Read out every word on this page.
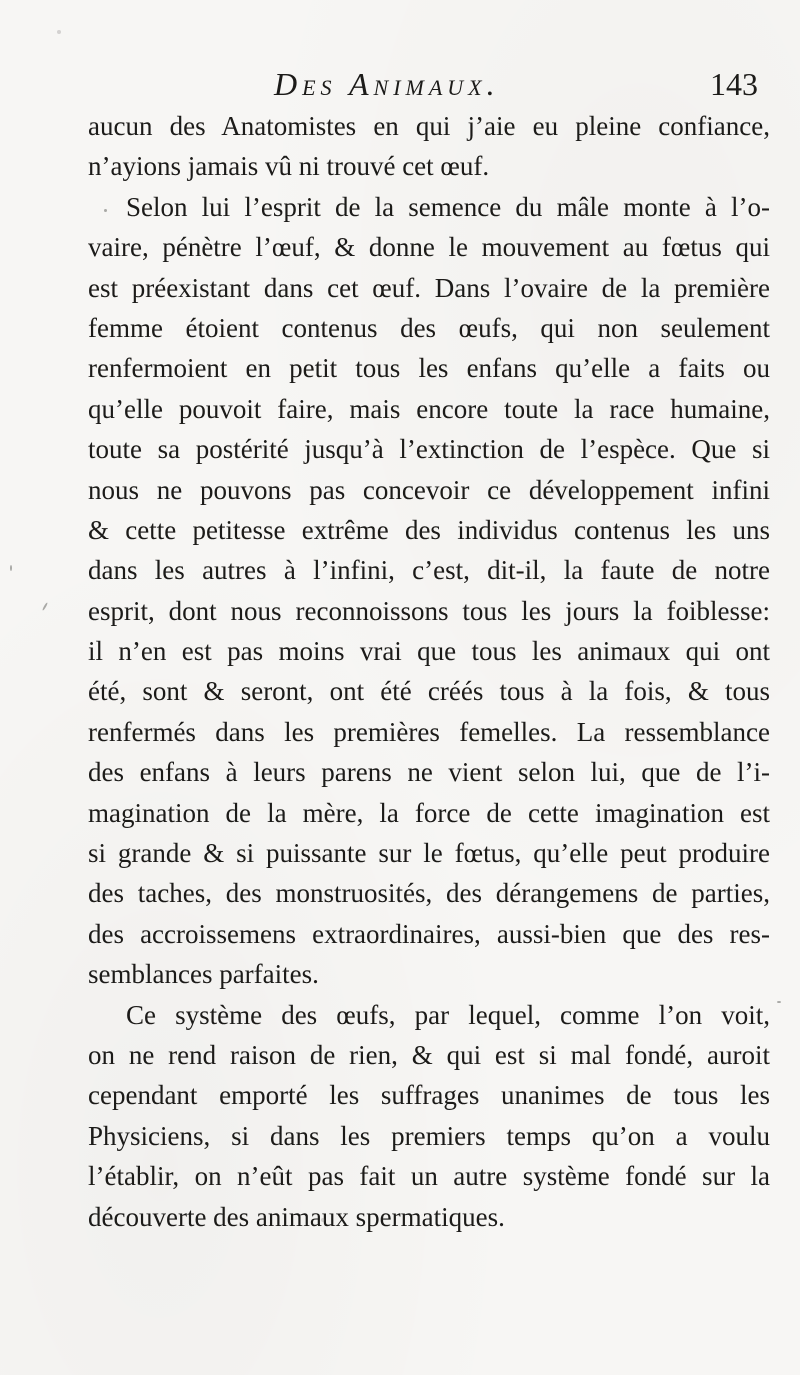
Des Animaux.	143
aucun des Anatomistes en qui j’aie eu pleine confiance,
n’ayions jamais vû ni trouvé cet œuf.
Selon lui l’esprit de la semence du mâle monte à l’o-
vaire, pénètre l’œuf, & donne le mouvement au fœtus qui
est préexistant dans cet œuf. Dans l’ovaire de la première
femme étoient contenus des œufs, qui non seulement
renfermoient en petit tous les enfans qu’elle a faits ou
qu’elle pouvoit faire, mais encore toute la race humaine,
toute sa postérité jusqu’à l’extinction de l’espèce. Que si
nous ne pouvons pas concevoir ce développement infini
& cette petitesse extrême des individus contenus les uns
dans les autres à l’infini, c’est, dit-il, la faute de notre
esprit, dont nous reconnoissons tous les jours la foiblesse:
il n’en est pas moins vrai que tous les animaux qui ont
été, sont & seront, ont été créés tous à la fois, & tous
renfermés dans les premières femelles. La ressemblance
des enfans à leurs parens ne vient selon lui, que de l’i-
magination de la mère, la force de cette imagination est
si grande & si puissante sur le fœtus, qu’elle peut produire
des taches, des monstruosités, des dérangemens de parties,
des accroissemens extraordinaires, aussi-bien que des res-
semblances parfaites.
Ce système des œufs, par lequel, comme l’on voit,
on ne rend raison de rien, & qui est si mal fondé, auroit
cependant emporté les suffrages unanimes de tous les
Physiciens, si dans les premiers temps qu’on a voulu
l’établir, on n’eût pas fait un autre système fondé sur la
découverte des animaux spermatiques.
